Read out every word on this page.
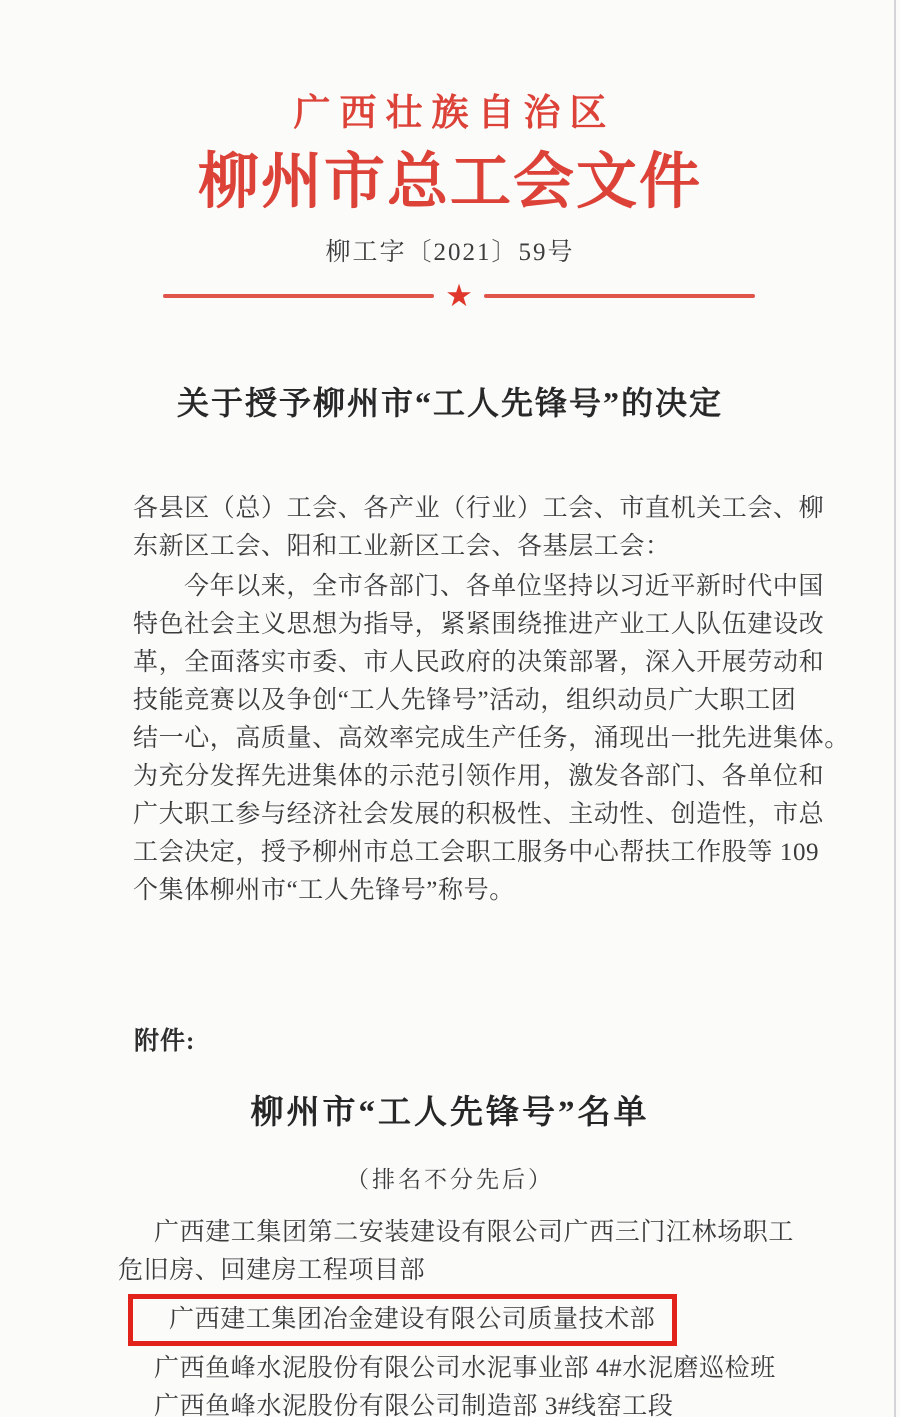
广西壮族自治区
柳州市总工会文件
柳工字〔2021〕59号
★
关于授予柳州市“工人先锋号”的决定
各县区（总）工会、各产业（行业）工会、市直机关工会、柳
东新区工会、阳和工业新区工会、各基层工会：
今年以来，全市各部门、各单位坚持以习近平新时代中国
特色社会主义思想为指导，紧紧围绕推进产业工人队伍建设改
革，全面落实市委、市人民政府的决策部署，深入开展劳动和
技能竞赛以及争创“工人先锋号”活动，组织动员广大职工团
结一心，高质量、高效率完成生产任务，涌现出一批先进集体。
为充分发挥先进集体的示范引领作用，激发各部门、各单位和
广大职工参与经济社会发展的积极性、主动性、创造性，市总
工会决定，授予柳州市总工会职工服务中心帮扶工作股等 109
个集体柳州市“工人先锋号”称号。
附件:
柳州市“工人先锋号”名单
（排名不分先后）
广西建工集团第二安装建设有限公司广西三门江林场职工
危旧房、回建房工程项目部
广西建工集团冶金建设有限公司质量技术部
广西鱼峰水泥股份有限公司水泥事业部 4#水泥磨巡检班
广西鱼峰水泥股份有限公司制造部 3#线窑工段
